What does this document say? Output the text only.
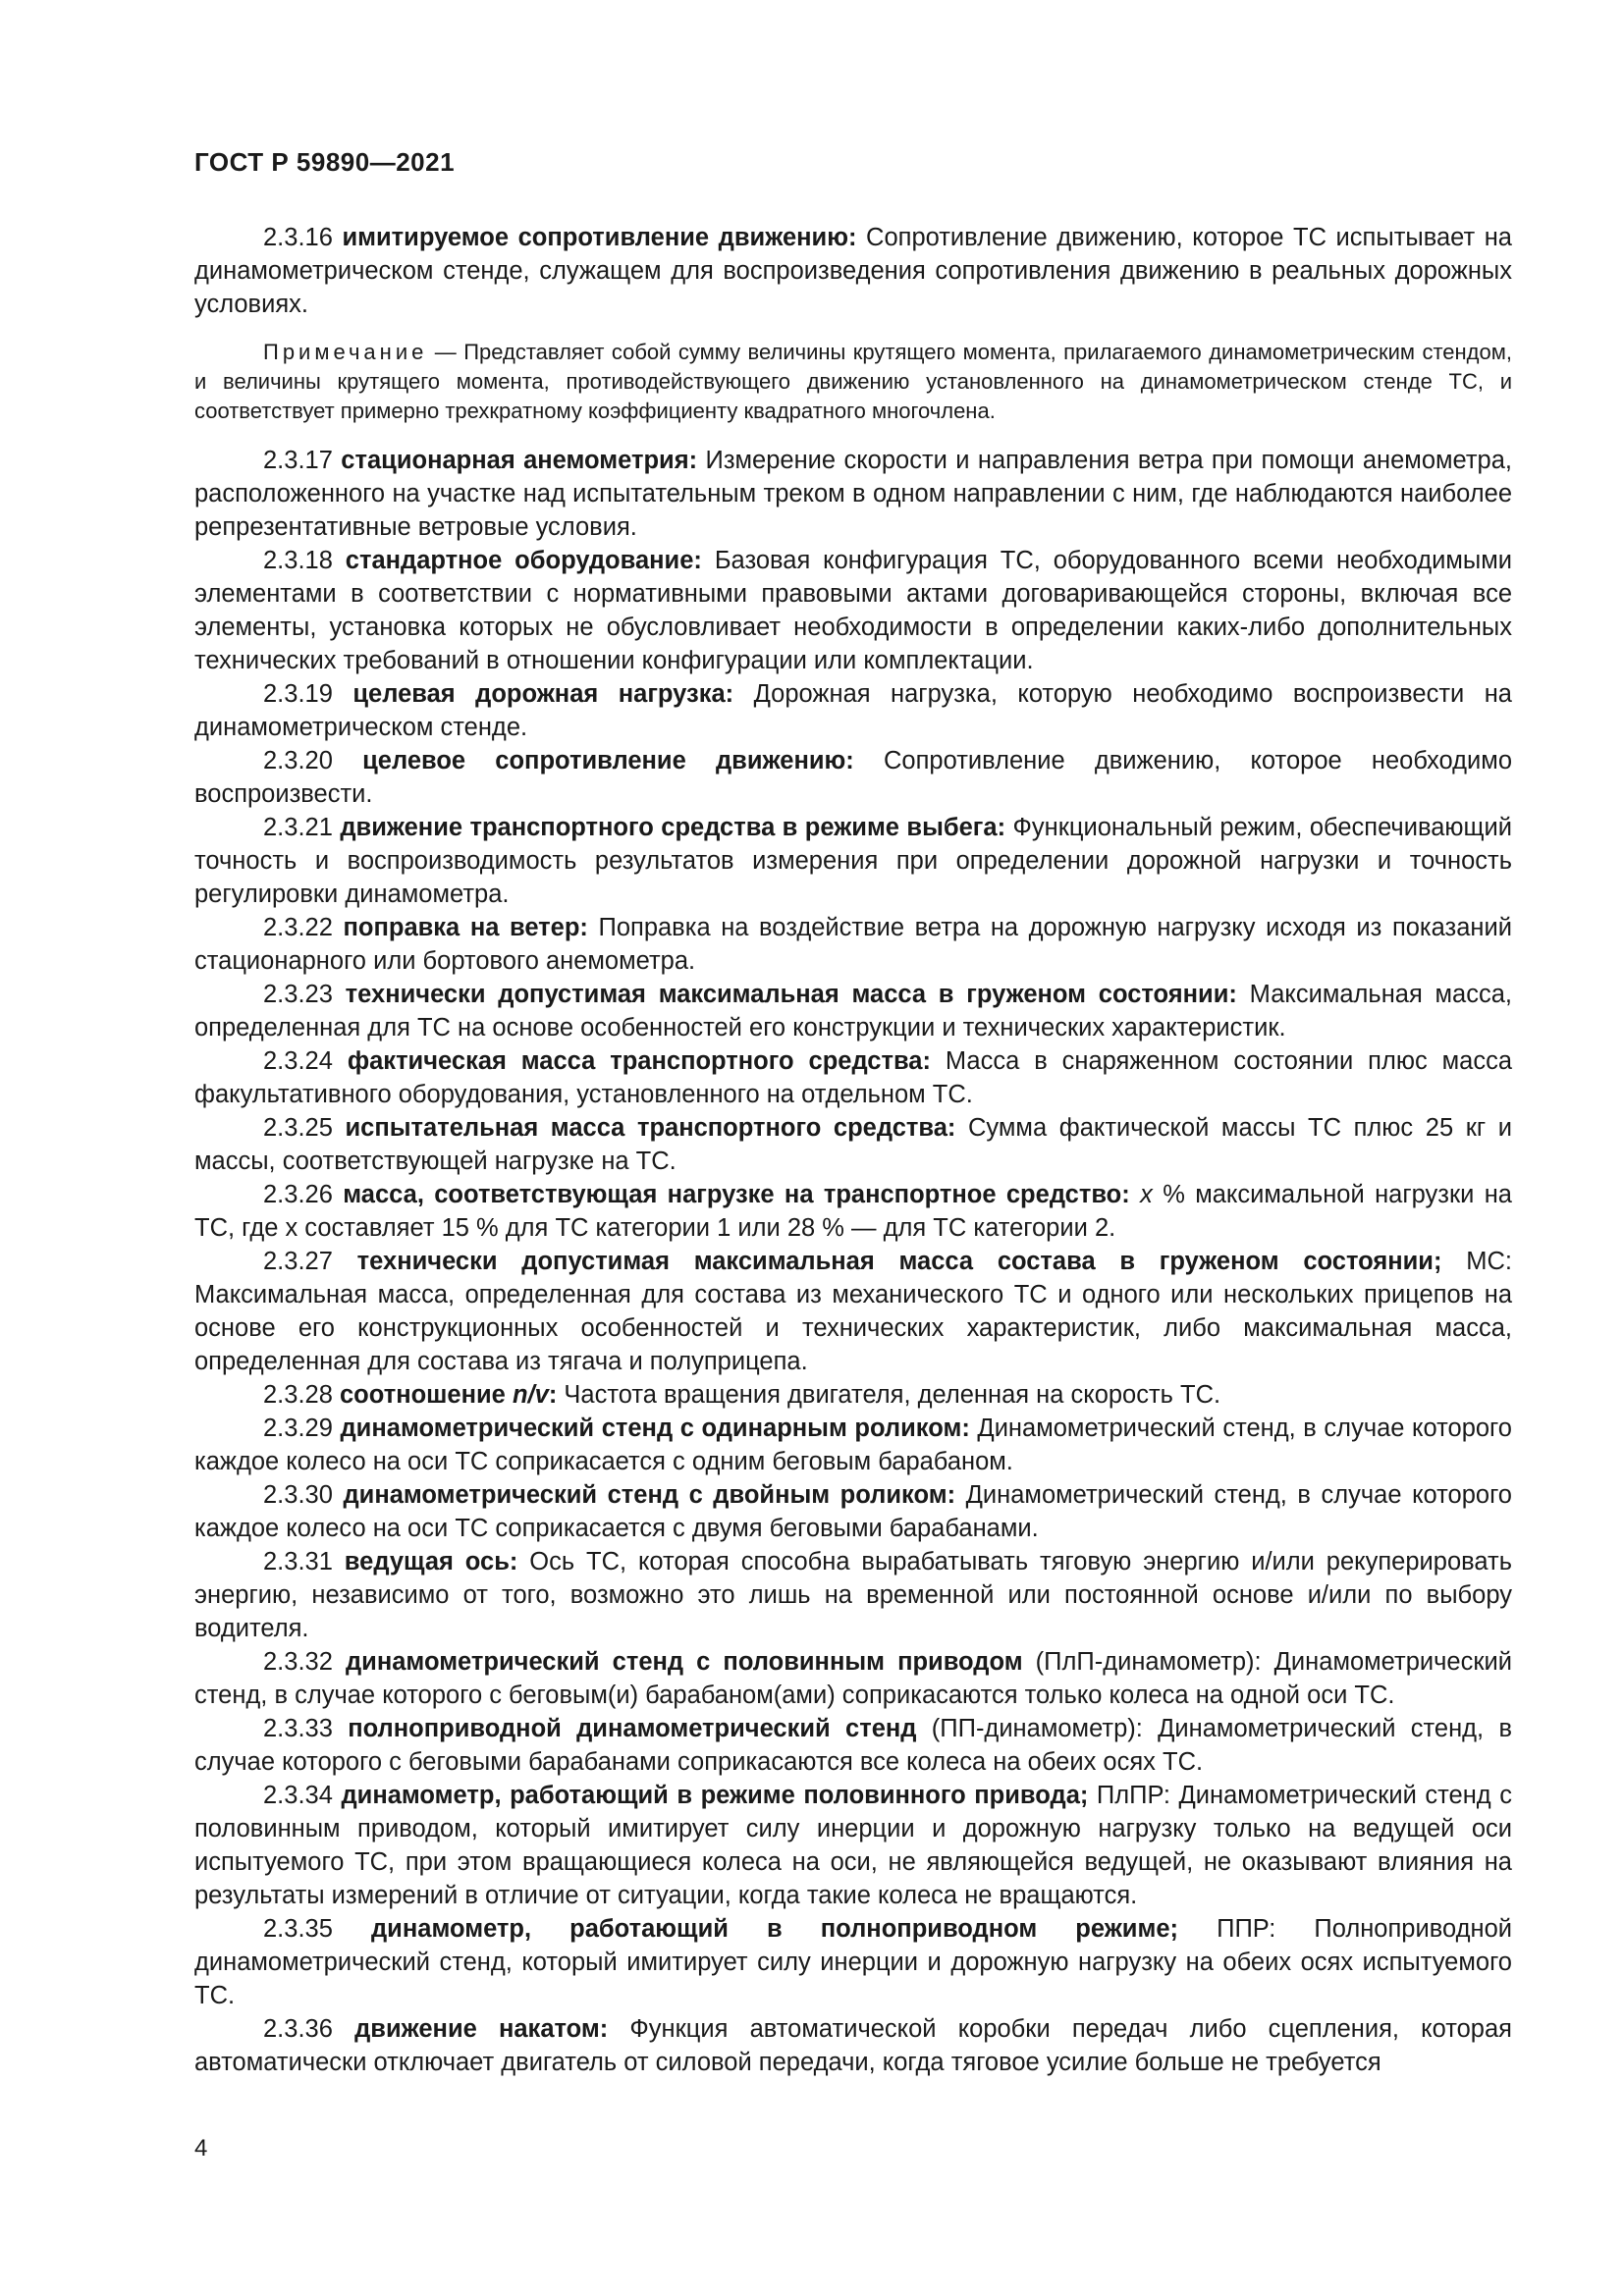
ГОСТ Р 59890—2021

2.3.16 имитируемое сопротивление движению: Сопротивление движению, которое ТС испытывает на динамометрическом стенде, служащем для воспроизведения сопротивления движению в реальных дорожных условиях.

Примечание — Представляет собой сумму величины крутящего момента, прилагаемого динамометрическим стендом, и величины крутящего момента, противодействующего движению установленного на динамометрическом стенде ТС, и соответствует примерно трехкратному коэффициенту квадратного многочлена.

2.3.17 стационарная анемометрия: Измерение скорости и направления ветра при помощи анемометра, расположенного на участке над испытательным треком в одном направлении с ним, где наблюдаются наиболее репрезентативные ветровые условия.

2.3.18 стандартное оборудование: Базовая конфигурация ТС, оборудованного всеми необходимыми элементами в соответствии с нормативными правовыми актами договаривающейся стороны, включая все элементы, установка которых не обусловливает необходимости в определении каких-либо дополнительных технических требований в отношении конфигурации или комплектации.

2.3.19 целевая дорожная нагрузка: Дорожная нагрузка, которую необходимо воспроизвести на динамометрическом стенде.

2.3.20 целевое сопротивление движению: Сопротивление движению, которое необходимо воспроизвести.

2.3.21 движение транспортного средства в режиме выбега: Функциональный режим, обеспечивающий точность и воспроизводимость результатов измерения при определении дорожной нагрузки и точность регулировки динамометра.

2.3.22 поправка на ветер: Поправка на воздействие ветра на дорожную нагрузку исходя из показаний стационарного или бортового анемометра.

2.3.23 технически допустимая максимальная масса в груженом состоянии: Максимальная масса, определенная для ТС на основе особенностей его конструкции и технических характеристик.

2.3.24 фактическая масса транспортного средства: Масса в снаряженном состоянии плюс масса факультативного оборудования, установленного на отдельном ТС.

2.3.25 испытательная масса транспортного средства: Сумма фактической массы ТС плюс 25 кг и массы, соответствующей нагрузке на ТС.

2.3.26 масса, соответствующая нагрузке на транспортное средство: x % максимальной нагрузки на ТС, где х составляет 15 % для ТС категории 1 или 28 % — для ТС категории 2.

2.3.27 технически допустимая максимальная масса состава в груженом состоянии; МС: Максимальная масса, определенная для состава из механического ТС и одного или нескольких прицепов на основе его конструкционных особенностей и технических характеристик, либо максимальная масса, определенная для состава из тягача и полуприцепа.

2.3.28 соотношение n/v: Частота вращения двигателя, деленная на скорость ТС.

2.3.29 динамометрический стенд с одинарным роликом: Динамометрический стенд, в случае которого каждое колесо на оси ТС соприкасается с одним беговым барабаном.

2.3.30 динамометрический стенд с двойным роликом: Динамометрический стенд, в случае которого каждое колесо на оси ТС соприкасается с двумя беговыми барабанами.

2.3.31 ведущая ось: Ось ТС, которая способна вырабатывать тяговую энергию и/или рекуперировать энергию, независимо от того, возможно это лишь на временной или постоянной основе и/или по выбору водителя.

2.3.32 динамометрический стенд с половинным приводом (ПлП-динамометр): Динамометрический стенд, в случае которого с беговым(и) барабаном(ами) соприкасаются только колеса на одной оси ТС.

2.3.33 полноприводной динамометрический стенд (ПП-динамометр): Динамометрический стенд, в случае которого с беговыми барабанами соприкасаются все колеса на обеих осях ТС.

2.3.34 динамометр, работающий в режиме половинного привода; ПлПР: Динамометрический стенд с половинным приводом, который имитирует силу инерции и дорожную нагрузку только на ведущей оси испытуемого ТС, при этом вращающиеся колеса на оси, не являющейся ведущей, не оказывают влияния на результаты измерений в отличие от ситуации, когда такие колеса не вращаются.

2.3.35 динамометр, работающий в полноприводном режиме; ППР: Полноприводной динамометрический стенд, который имитирует силу инерции и дорожную нагрузку на обеих осях испытуемого ТС.

2.3.36 движение накатом: Функция автоматической коробки передач либо сцепления, которая автоматически отключает двигатель от силовой передачи, когда тяговое усилие больше не требуется

4
